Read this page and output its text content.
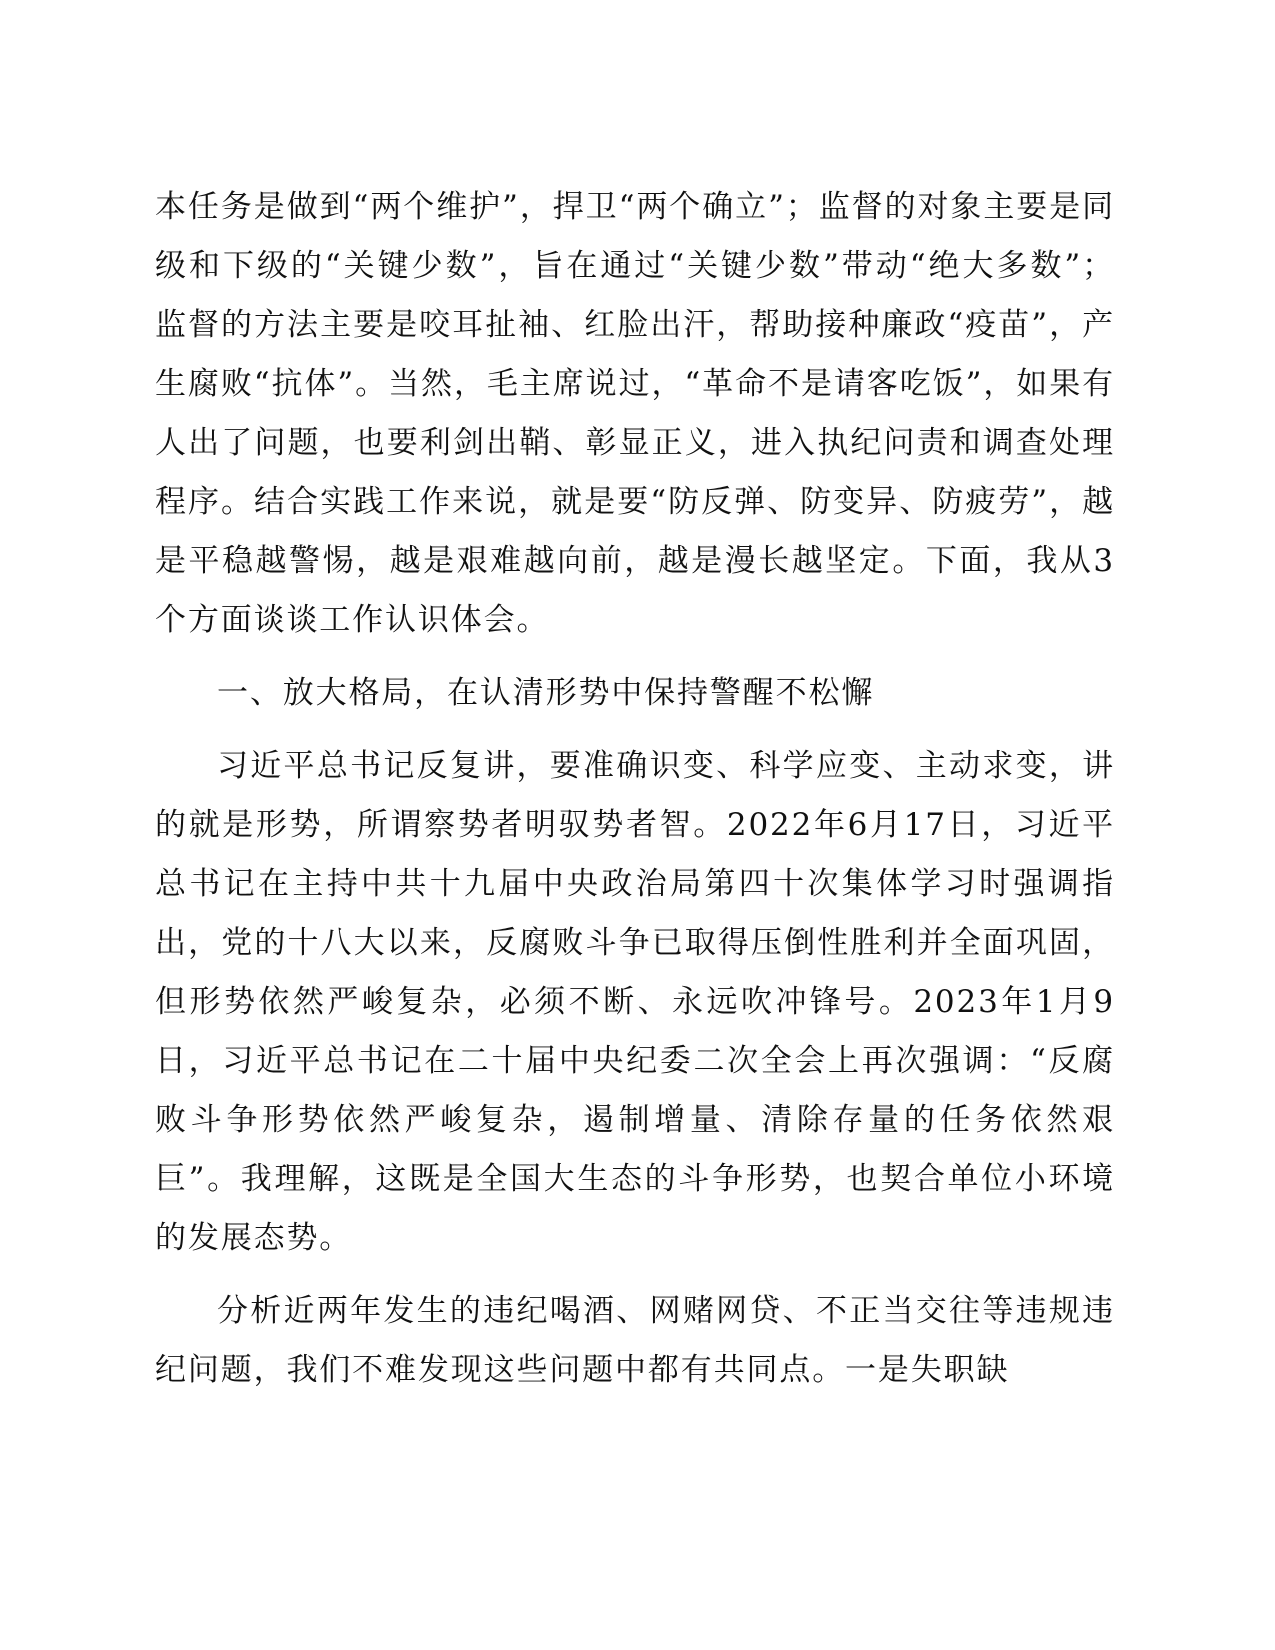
本任务是做到“两个维护”，捍卫“两个确立”；监督的对象主要是同级和下级的“关键少数”，旨在通过“关键少数”带动“绝大多数”；监督的方法主要是咬耳扯袖、红脸出汗，帮助接种廉政“疫苗”，产生腐败“抗体”。当然，毛主席说过，“革命不是请客吃饭”，如果有人出了问题，也要利剑出鞘、彰显正义，进入执纪问责和调查处理程序。结合实践工作来说，就是要“防反弹、防变异、防疲劳”，越是平稳越警惕，越是艰难越向前，越是漫长越坚定。下面，我从3个方面谈谈工作认识体会。

一、放大格局，在认清形势中保持警醒不松懈

习近平总书记反复讲，要准确识变、科学应变、主动求变，讲的就是形势，所谓察势者明驭势者智。2022年6月17日，习近平总书记在主持中共十九届中央政治局第四十次集体学习时强调指出，党的十八大以来，反腐败斗争已取得压倒性胜利并全面巩固，但形势依然严峻复杂，必须不断、永远吹冲锋号。2023年1月9日，习近平总书记在二十届中央纪委二次全会上再次强调：“反腐败斗争形势依然严峻复杂，遏制增量、清除存量的任务依然艰巨”。我理解，这既是全国大生态的斗争形势，也契合单位小环境的发展态势。

分析近两年发生的违纪喝酒、网赌网贷、不正当交往等违规违纪问题，我们不难发现这些问题中都有共同点。一是失职缺
